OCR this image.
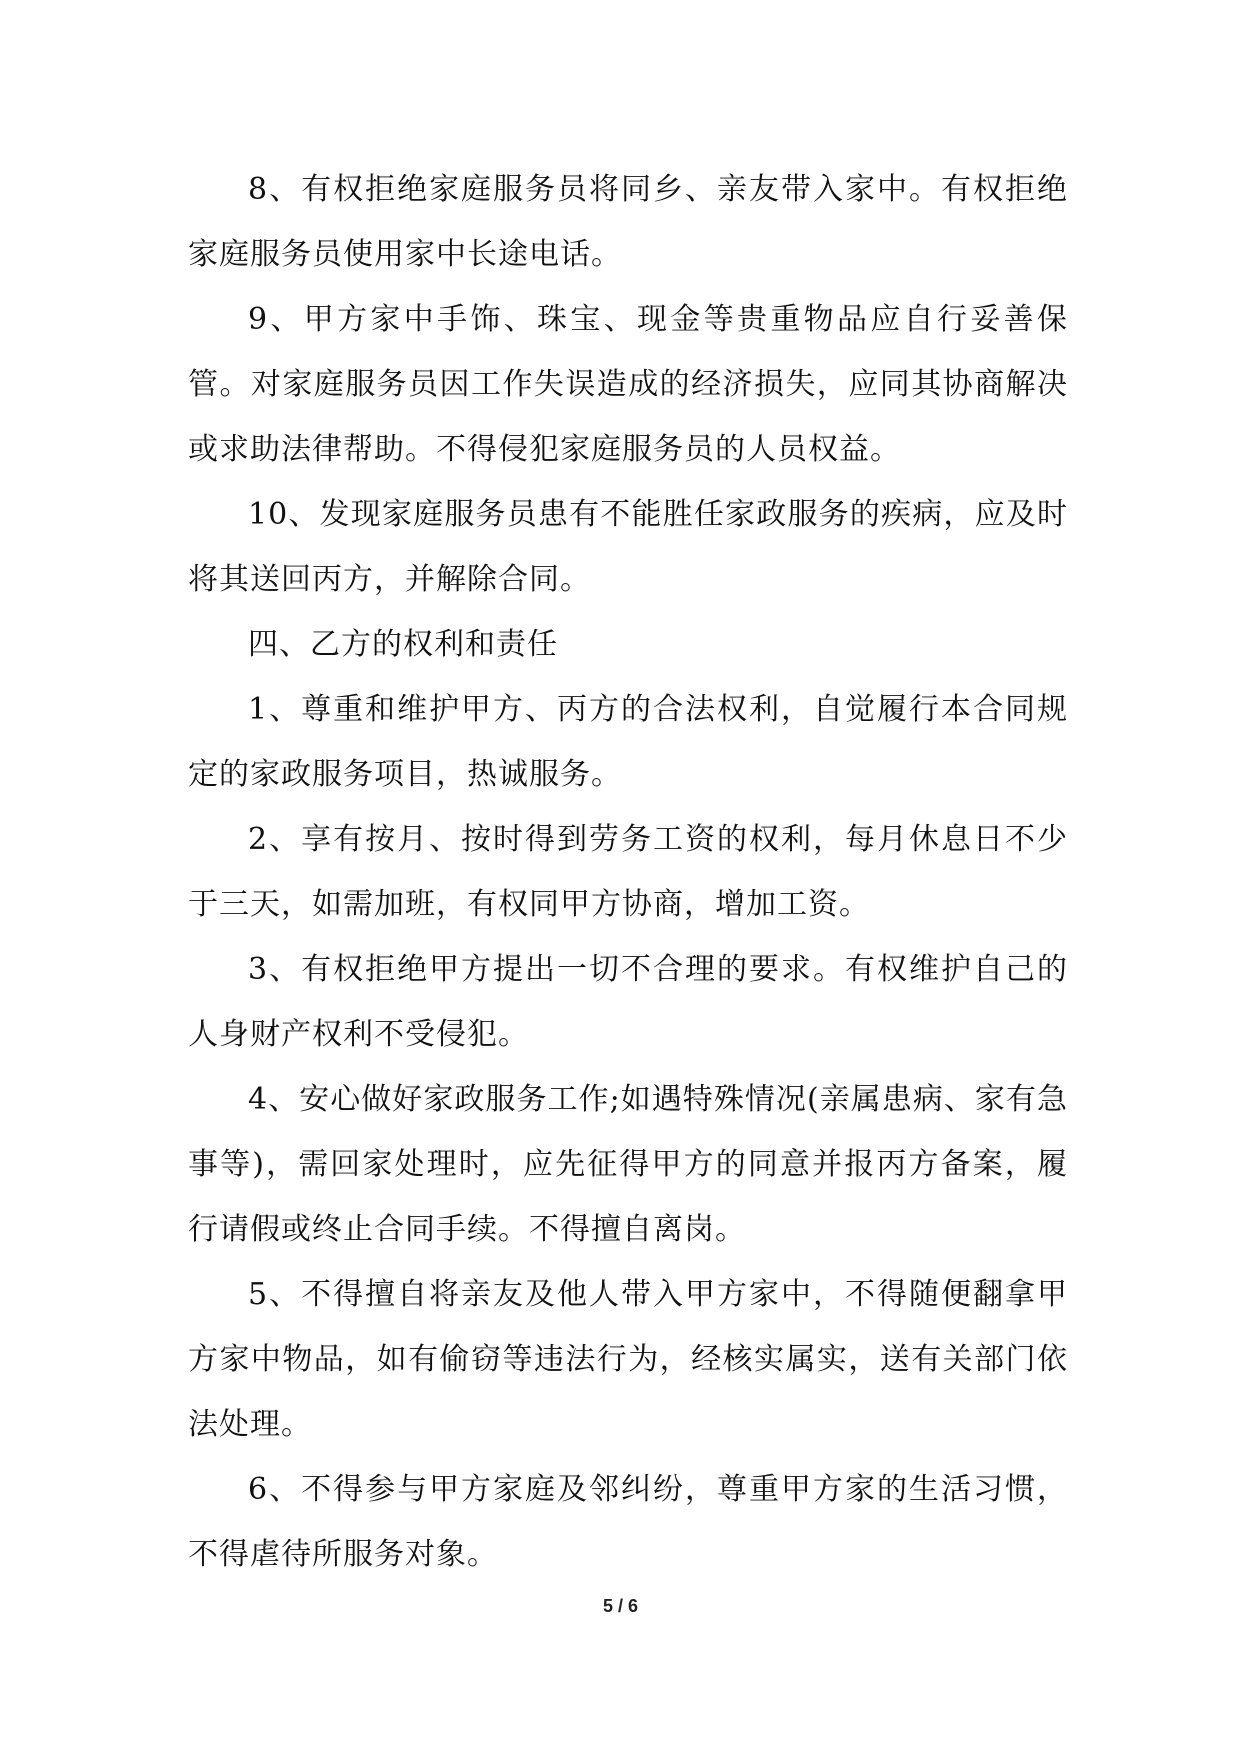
8、有权拒绝家庭服务员将同乡、亲友带入家中。有权拒绝家庭服务员使用家中长途电话。

9、甲方家中手饰、珠宝、现金等贵重物品应自行妥善保管。对家庭服务员因工作失误造成的经济损失，应同其协商解决或求助法律帮助。不得侵犯家庭服务员的人员权益。

10、发现家庭服务员患有不能胜任家政服务的疾病，应及时将其送回丙方，并解除合同。

四、乙方的权利和责任

1、尊重和维护甲方、丙方的合法权利，自觉履行本合同规定的家政服务项目，热诚服务。

2、享有按月、按时得到劳务工资的权利，每月休息日不少于三天，如需加班，有权同甲方协商，增加工资。

3、有权拒绝甲方提出一切不合理的要求。有权维护自己的人身财产权利不受侵犯。

4、安心做好家政服务工作;如遇特殊情况(亲属患病、家有急事等)，需回家处理时，应先征得甲方的同意并报丙方备案，履行请假或终止合同手续。不得擅自离岗。

5、不得擅自将亲友及他人带入甲方家中，不得随便翻拿甲方家中物品，如有偷窃等违法行为，经核实属实，送有关部门依法处理。

6、不得参与甲方家庭及邻纠纷，尊重甲方家的生活习惯，不得虐待所服务对象。

5 / 6
